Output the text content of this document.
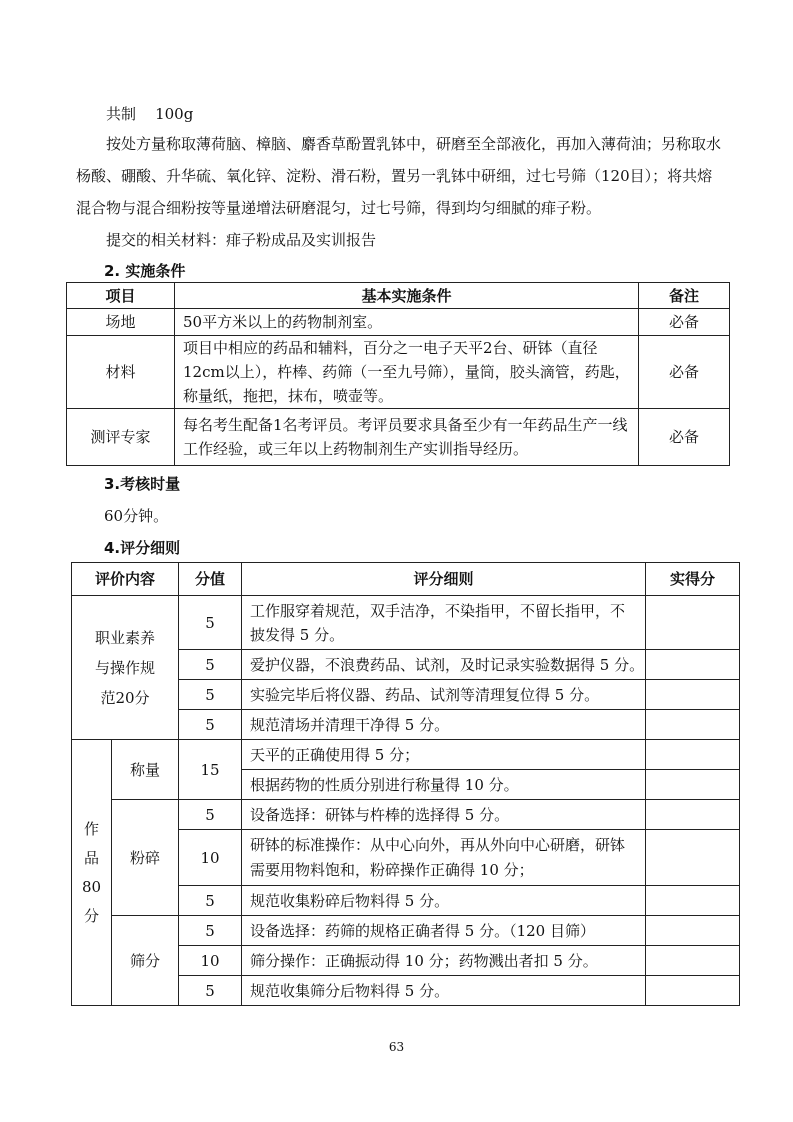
共制 100g

按处方量称取薄荷脑、樟脑、麝香草酚置乳钵中，研磨至全部液化，再加入薄荷油；另称取水杨酸、硼酸、升华硫、氧化锌、淀粉、滑石粉，置另一乳钵中研细，过七号筛（120目）；将共熔混合物与混合细粉按等量递增法研磨混匀，过七号筛，得到均匀细腻的痱子粉。

提交的相关材料：痱子粉成品及实训报告

2. 实施条件

项目	基本实施条件	备注
场地	50平方米以上的药物制剂室。	必备
材料	项目中相应的药品和辅料，百分之一电子天平2台、研钵（直径12cm以上），杵棒、药筛（一至九号筛），量筒，胶头滴管，药匙，称量纸，拖把，抹布，喷壶等。	必备
测评专家	每名考生配备1名考评员。考评员要求具备至少有一年药品生产一线工作经验，或三年以上药物制剂生产实训指导经历。	必备

3.考核时量

60分钟。

4.评分细则

评价内容		分值	评分细则	实得分
职业素养与操作规范20分		5	工作服穿着规范，双手洁净，不染指甲，不留长指甲，不披发得 5 分。	
		5	爱护仪器，不浪费药品、试剂，及时记录实验数据得 5 分。	
		5	实验完毕后将仪器、药品、试剂等清理复位得 5 分。	
		5	规范清场并清理干净得 5 分。	

作
品
80
分	称量	15	天平的正确使用得 5 分；	
			根据药物的性质分别进行称量得 10 分。	
	粉碎	5	设备选择：研钵与杵棒的选择得 5 分。	
		10	研钵的标准操作：从中心向外，再从外向中心研磨，研钵需要用物料饱和，粉碎操作正确得 10 分；	
		5	规范收集粉碎后物料得 5 分。	
	筛分	5	设备选择：药筛的规格正确者得 5 分。（120 目筛）	
		10	筛分操作：正确振动得 10 分；药物溅出者扣 5 分。	
		5	规范收集筛分后物料得 5 分。	
63
